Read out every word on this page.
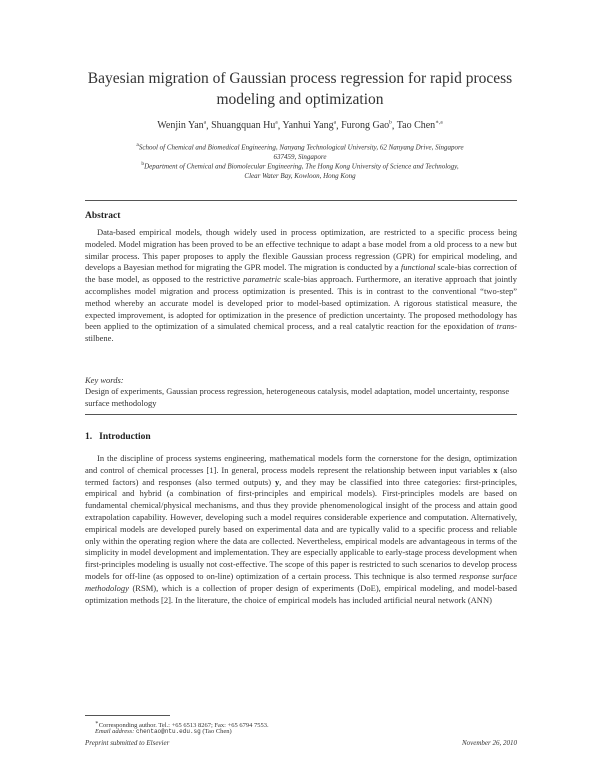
Bayesian migration of Gaussian process regression for rapid process modeling and optimization
Wenjin Yan$^a$, Shuangquan Hu$^a$, Yanhui Yang$^a$, Furong Gao$^b$, Tao Chen$^{∗,a}$
$^a$School of Chemical and Biomedical Engineering, Nanyang Technological University, 62 Nanyang Drive, Singapore
637459, Singapore
$^b$Department of Chemical and Biomolecular Engineering, The Hong Kong University of Science and Technology,
Clear Water Bay, Kowloon, Hong Kong
Abstract

Data-based empirical models, though widely used in process optimization, are restricted to a specific process being modeled. Model migration has been proved to be an effective technique to adapt a base model from a old process to a new but similar process. This paper proposes to apply the flexible Gaussian process regression (GPR) for empirical modeling, and develops a Bayesian method for migrating the GPR model. The migration is conducted by a functional scale-bias correction of the base model, as opposed to the restrictive parametric scale-bias approach. Furthermore, an iterative approach that jointly accomplishes model migration and process optimization is presented. This is in contrast to the conventional “two-step” method whereby an accurate model is developed prior to model-based optimization. A rigorous statistical measure, the expected improvement, is adopted for optimization in the presence of prediction uncertainty. The proposed methodology has been applied to the optimization of a simulated chemical process, and a real catalytic reaction for the epoxidation of trans-stilbene.

Key words:
Design of experiments, Gaussian process regression, heterogeneous catalysis, model adaptation, model uncertainty, response surface methodology
1. Introduction

In the discipline of process systems engineering, mathematical models form the cornerstone for the design, optimization and control of chemical processes [1]. In general, process models represent the relationship between input variables x (also termed factors) and responses (also termed outputs) y, and they may be classified into three categories: first-principles, empirical and hybrid (a combination of first-principles and empirical models). First-principles models are based on fundamental chemical/physical mechanisms, and thus they provide phenomenological insight of the process and attain good extrapolation capability. However, developing such a model requires considerable experience and computation. Alternatively, empirical models are developed purely based on experimental data and are typically valid to a specific process and reliable only within the operating region where the data are collected. Nevertheless, empirical models are advantageous in terms of the simplicity in model development and implementation. They are especially applicable to early-stage process development when first-principles modeling is usually not cost-effective. The scope of this paper is restricted to such scenarios to develop process models for off-line (as opposed to on-line) optimization of a certain process. This technique is also termed response surface methodology (RSM), which is a collection of proper design of experiments (DoE), empirical modeling, and model-based optimization methods [2]. In the literature, the choice of empirical models has included artificial neural network (ANN)

∗Corresponding author. Tel.: +65 6513 8267; Fax: +65 6794 7553.
Email address: chentao@ntu.edu.sg (Tao Chen)
Preprint submitted to Elsevier	November 26, 2010
